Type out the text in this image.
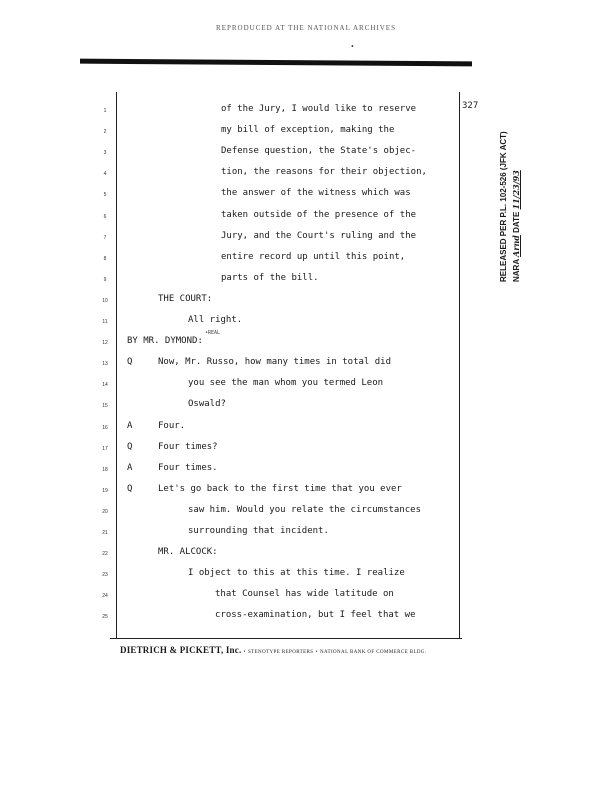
REPRODUCED AT THE NATIONAL ARCHIVES
•
327
1	of the Jury, I would like to reserve
2	my bill of exception, making the
3	Defense question, the State's objec-
4	tion, the reasons for their objection,
5	the answer of the witness which was
6	taken outside of the presence of the
7	Jury, and the Court's ruling and the
8	entire record up until this point,
9	parts of the bill.
10	THE COURT:
11	All right.
12	BY MR. DYMOND:
13	Q	Now, Mr. Russo, how many times in total did
14	you see the man whom you termed Leon
15	Oswald?
16	A	Four.
17	Q	Four times?
18	A	Four times.
19	Q	Let's go back to the first time that you ever
20	saw him. Would you relate the circumstances
21	surrounding that incident.
22	MR. ALCOCK:
23	I object to this at this time. I realize
24	that Counsel has wide latitude on
25	cross-examination, but I feel that we
•REAL
RELEASED PER P.L. 102-526 (JFK ACT) NARA Arnd DATE 11/23/93
DIETRICH & PICKETT, Inc. • STENOTYPE REPORTERS • NATIONAL BANK OF COMMERCE BLDG.
